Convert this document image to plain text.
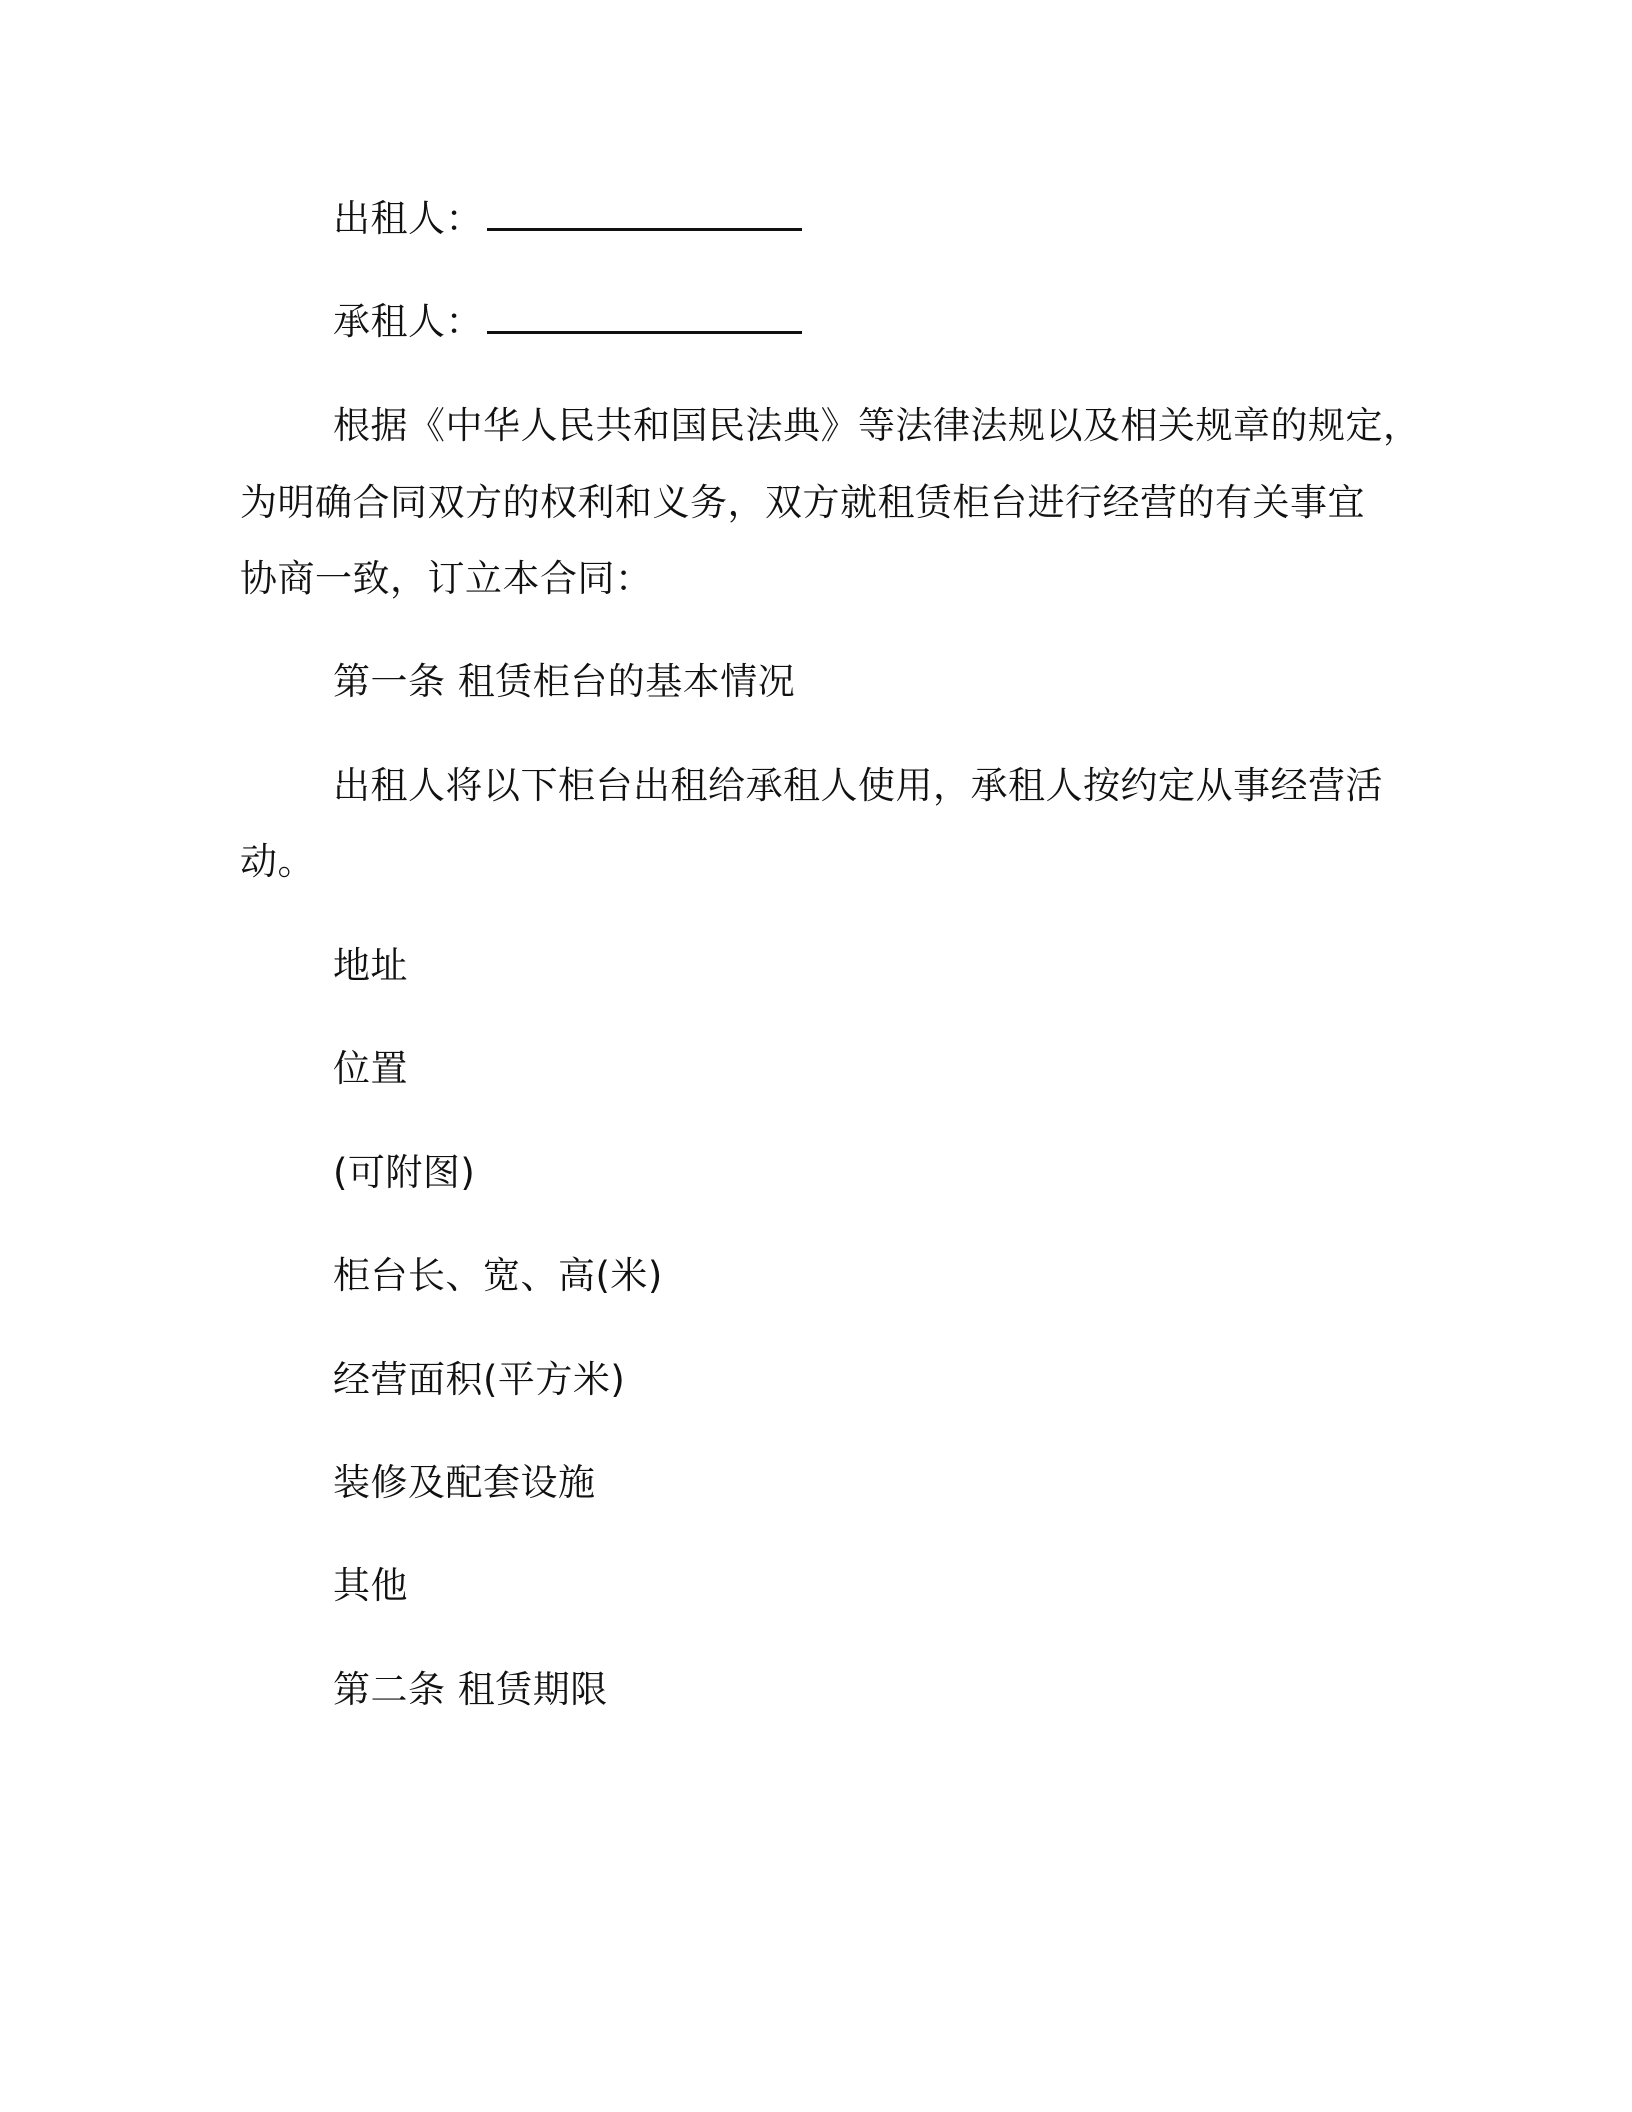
出租人：
承租人：
根据《中华人民共和国民法典》等法律法规以及相关规章的规定，
为明确合同双方的权利和义务，双方就租赁柜台进行经营的有关事宜
协商一致，订立本合同：
第一条 租赁柜台的基本情况
出租人将以下柜台出租给承租人使用，承租人按约定从事经营活
动。
地址
位置
(可附图)
柜台长、宽、高(米)
经营面积(平方米)
装修及配套设施
其他
第二条 租赁期限
